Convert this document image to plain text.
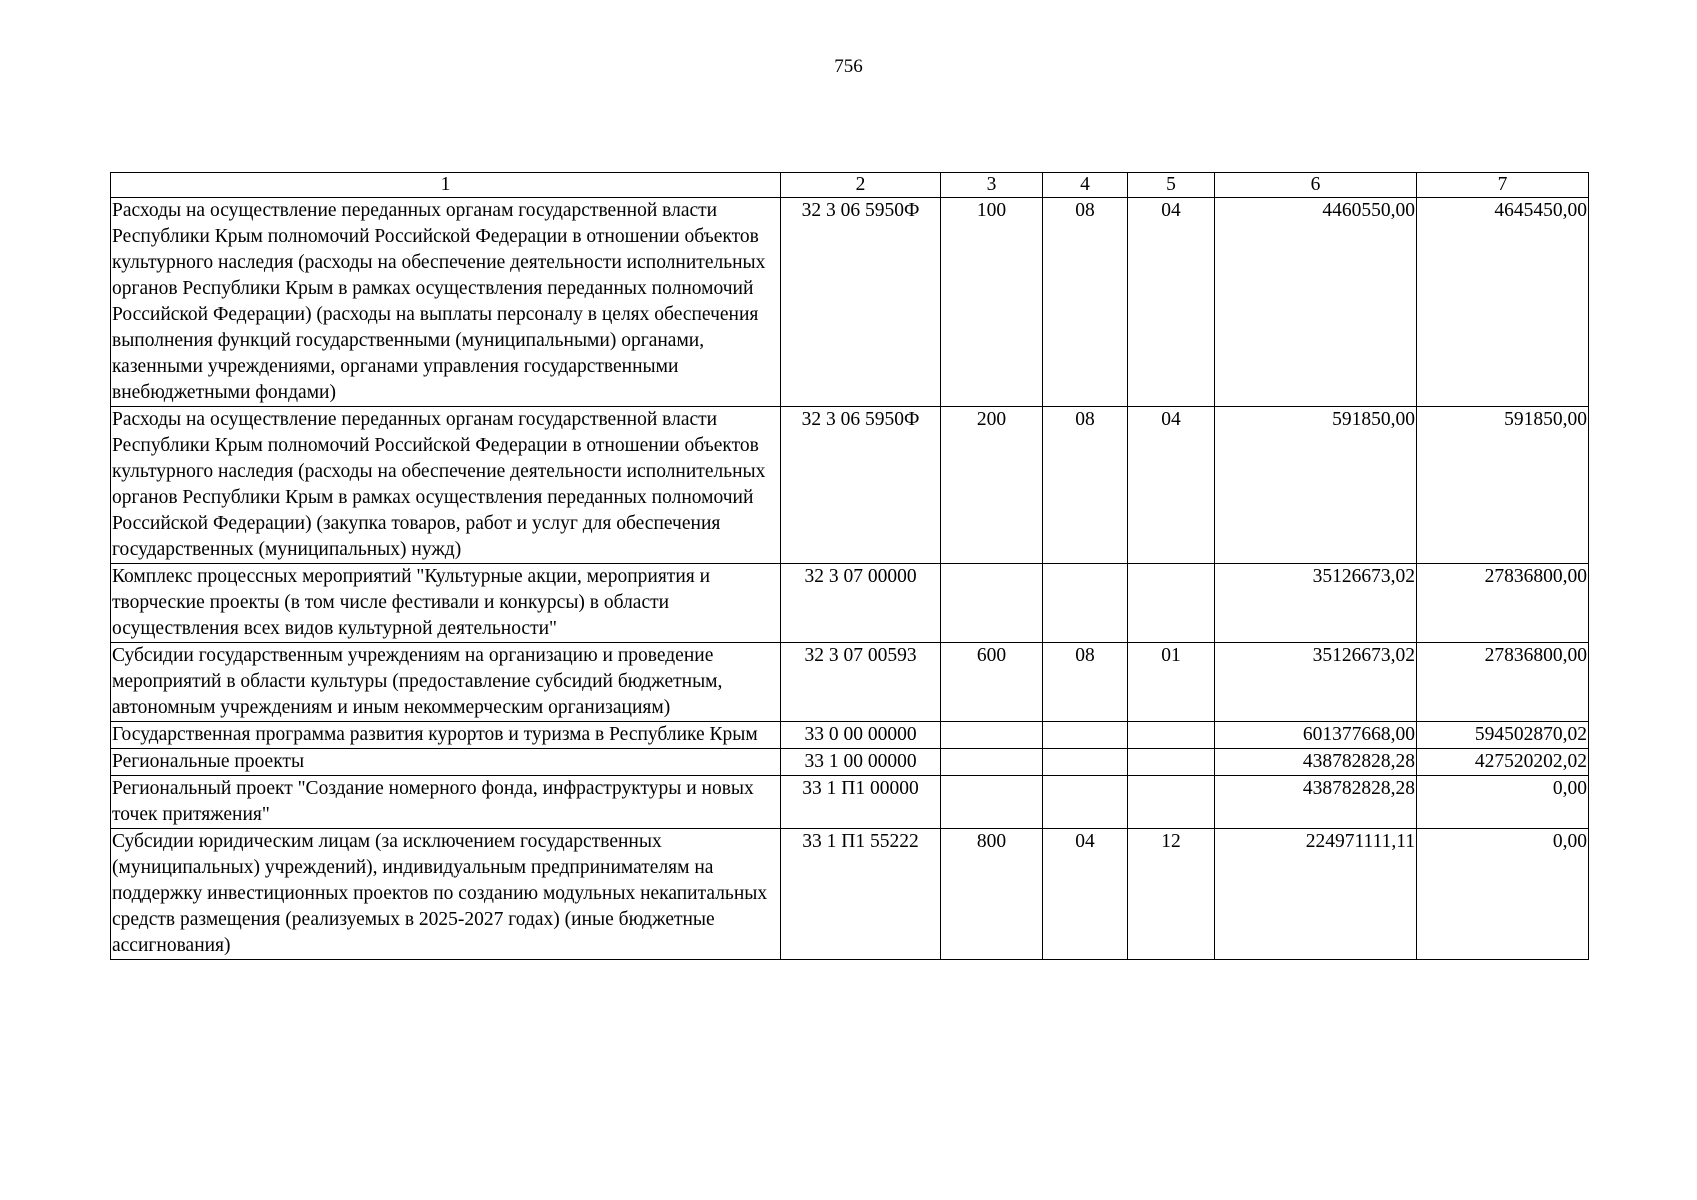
756
1	2	3	4	5	6	7
Расходы на осуществление переданных органам государственной власти Республики Крым полномочий Российской Федерации в отношении объектов культурного наследия (расходы на обеспечение деятельности исполнительных органов Республики Крым в рамках осуществления переданных полномочий Российской Федерации) (расходы на выплаты персоналу в целях обеспечения выполнения функций государственными (муниципальными) органами, казенными учреждениями, органами управления государственными внебюджетными фондами)	32 3 06 5950Ф	100	08	04	4460550,00	4645450,00
Расходы на осуществление переданных органам государственной власти Республики Крым полномочий Российской Федерации в отношении объектов культурного наследия (расходы на обеспечение деятельности исполнительных органов Республики Крым в рамках осуществления переданных полномочий Российской Федерации) (закупка товаров, работ и услуг для обеспечения государственных (муниципальных) нужд)	32 3 06 5950Ф	200	08	04	591850,00	591850,00
Комплекс процессных мероприятий "Культурные акции, мероприятия и творческие проекты (в том числе фестивали и конкурсы) в области осуществления всех видов культурной деятельности"	32 3 07 00000				35126673,02	27836800,00
Субсидии государственным учреждениям на организацию и проведение мероприятий в области культуры (предоставление субсидий бюджетным, автономным учреждениям и иным некоммерческим организациям)	32 3 07 00593	600	08	01	35126673,02	27836800,00
Государственная программа развития курортов и туризма в Республике Крым	33 0 00 00000				601377668,00	594502870,02
Региональные проекты	33 1 00 00000				438782828,28	427520202,02
Региональный проект "Создание номерного фонда, инфраструктуры и новых точек притяжения"	33 1 П1 00000				438782828,28	0,00
Субсидии юридическим лицам (за исключением государственных (муниципальных) учреждений), индивидуальным предпринимателям на поддержку инвестиционных проектов по созданию модульных некапитальных средств размещения (реализуемых в 2025-2027 годах) (иные бюджетные ассигнования)	33 1 П1 55222	800	04	12	224971111,11	0,00
